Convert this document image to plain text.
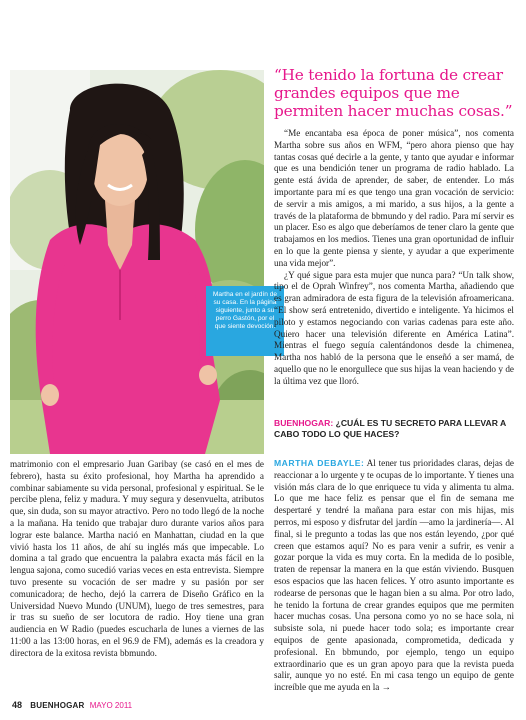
Martha en el jardín de su casa. En la página siguiente, junto a su perro Gastón, por el que siente devoción.
“He tenido la fortuna de crear grandes equipos que me permiten hacer muchas cosas.”

“Me encantaba esa época de poner música”, nos comenta Martha sobre sus años en WFM, “pero ahora pienso que hay tantas cosas qué decirle a la gente, y tanto que ayudar e informar que es una bendición tener un programa de radio hablado. La gente está ávida de aprender, de saber, de entender. Lo más importante para mí es que tengo una gran vocación de servicio: de servir a mis amigos, a mi marido, a sus hijos, a la gente a través de la plataforma de bbmundo y del radio. Para mí servir es un placer. Eso es algo que deberíamos de tener claro la gente que trabajamos en los medios. Tienes una gran oportunidad de influir en lo que la gente piensa y siente, y ayudar a que experimente una vida mejor”.

¿Y qué sigue para esta mujer que nunca para? “Un talk show, tipo el de Oprah Winfrey”, nos comenta Martha, añadiendo que es gran admiradora de esta figura de la televisión afroamericana. “El show será entretenido, divertido e inteligente. Ya hicimos el piloto y estamos negociando con varias cadenas para este año. Quiero hacer una televisión diferente en América Latina”. Mientras el fuego seguía calentándonos desde la chimenea, Martha nos habló de la persona que le enseñó a ser mamá, de aquello que no le enorgullece que sus hijas la vean haciendo y de la última vez que lloró.

BUENHOGAR: ¿CUÁL ES TU SECRETO PARA LLEVAR A CABO TODO LO QUE HACES?

matrimonio con el empresario Juan Garibay (se casó en el mes de febrero), hasta su éxito profesional, hoy Martha ha aprendido a combinar sabiamente su vida personal, profesional y espiritual. Se le percibe plena, feliz y madura. Y muy segura y desenvuelta, atributos que, sin duda, son su mayor atractivo. Pero no todo llegó de la noche a la mañana. Ha tenido que trabajar duro durante varios años para lograr este balance. Martha nació en Manhattan, ciudad en la que vivió hasta los 11 años, de ahí su inglés más que impecable. Lo domina a tal grado que encuentra la palabra exacta más fácil en la lengua sajona, como sucedió varias veces en esta entrevista. Siempre tuvo presente su vocación de ser madre y su pasión por ser comunicadora; de hecho, dejó la carrera de Diseño Gráfico en la Universidad Nuevo Mundo (UNUM), luego de tres semestres, para ir tras su sueño de ser locutora de radio. Hoy tiene una gran audiencia en W Radio (puedes escucharla de lunes a viernes de las 11:00 a las 13:00 horas, en el 96.9 de FM), además es la creadora y directora de la exitosa revista bbmundo.

MARTHA DEBAYLE: Al tener tus prioridades claras, dejas de reaccionar a lo urgente y te ocupas de lo importante. Y tienes una visión más clara de lo que enriquece tu vida y alimenta tu alma. Lo que me hace feliz es pensar que el fin de semana me despertaré y tendré la mañana para estar con mis hijas, mis perros, mi esposo y disfrutar del jardín —amo la jardinería—. Al final, si le pregunto a todas las que nos están leyendo, ¿por qué creen que estamos aquí? No es para venir a sufrir, es venir a gozar porque la vida es muy corta. En la medida de lo posible, traten de repensar la manera en la que están viviendo. Busquen esos espacios que las hacen felices. Y otro asunto importante es rodearse de personas que le hagan bien a su alma. Por otro lado, he tenido la fortuna de crear grandes equipos que me permiten hacer muchas cosas. Una persona como yo no se hace sola, ni subsiste sola, ni puede hacer todo sola; es importante crear equipos de gente apasionada, comprometida, dedicada y profesional. En bbmundo, por ejemplo, tengo un equipo extraordinario que es un gran apoyo para que la revista pueda salir, aunque yo no esté. En mi casa tengo un equipo de gente increíble que me ayuda en la →

48 BUENHOGAR MAYO 2011
